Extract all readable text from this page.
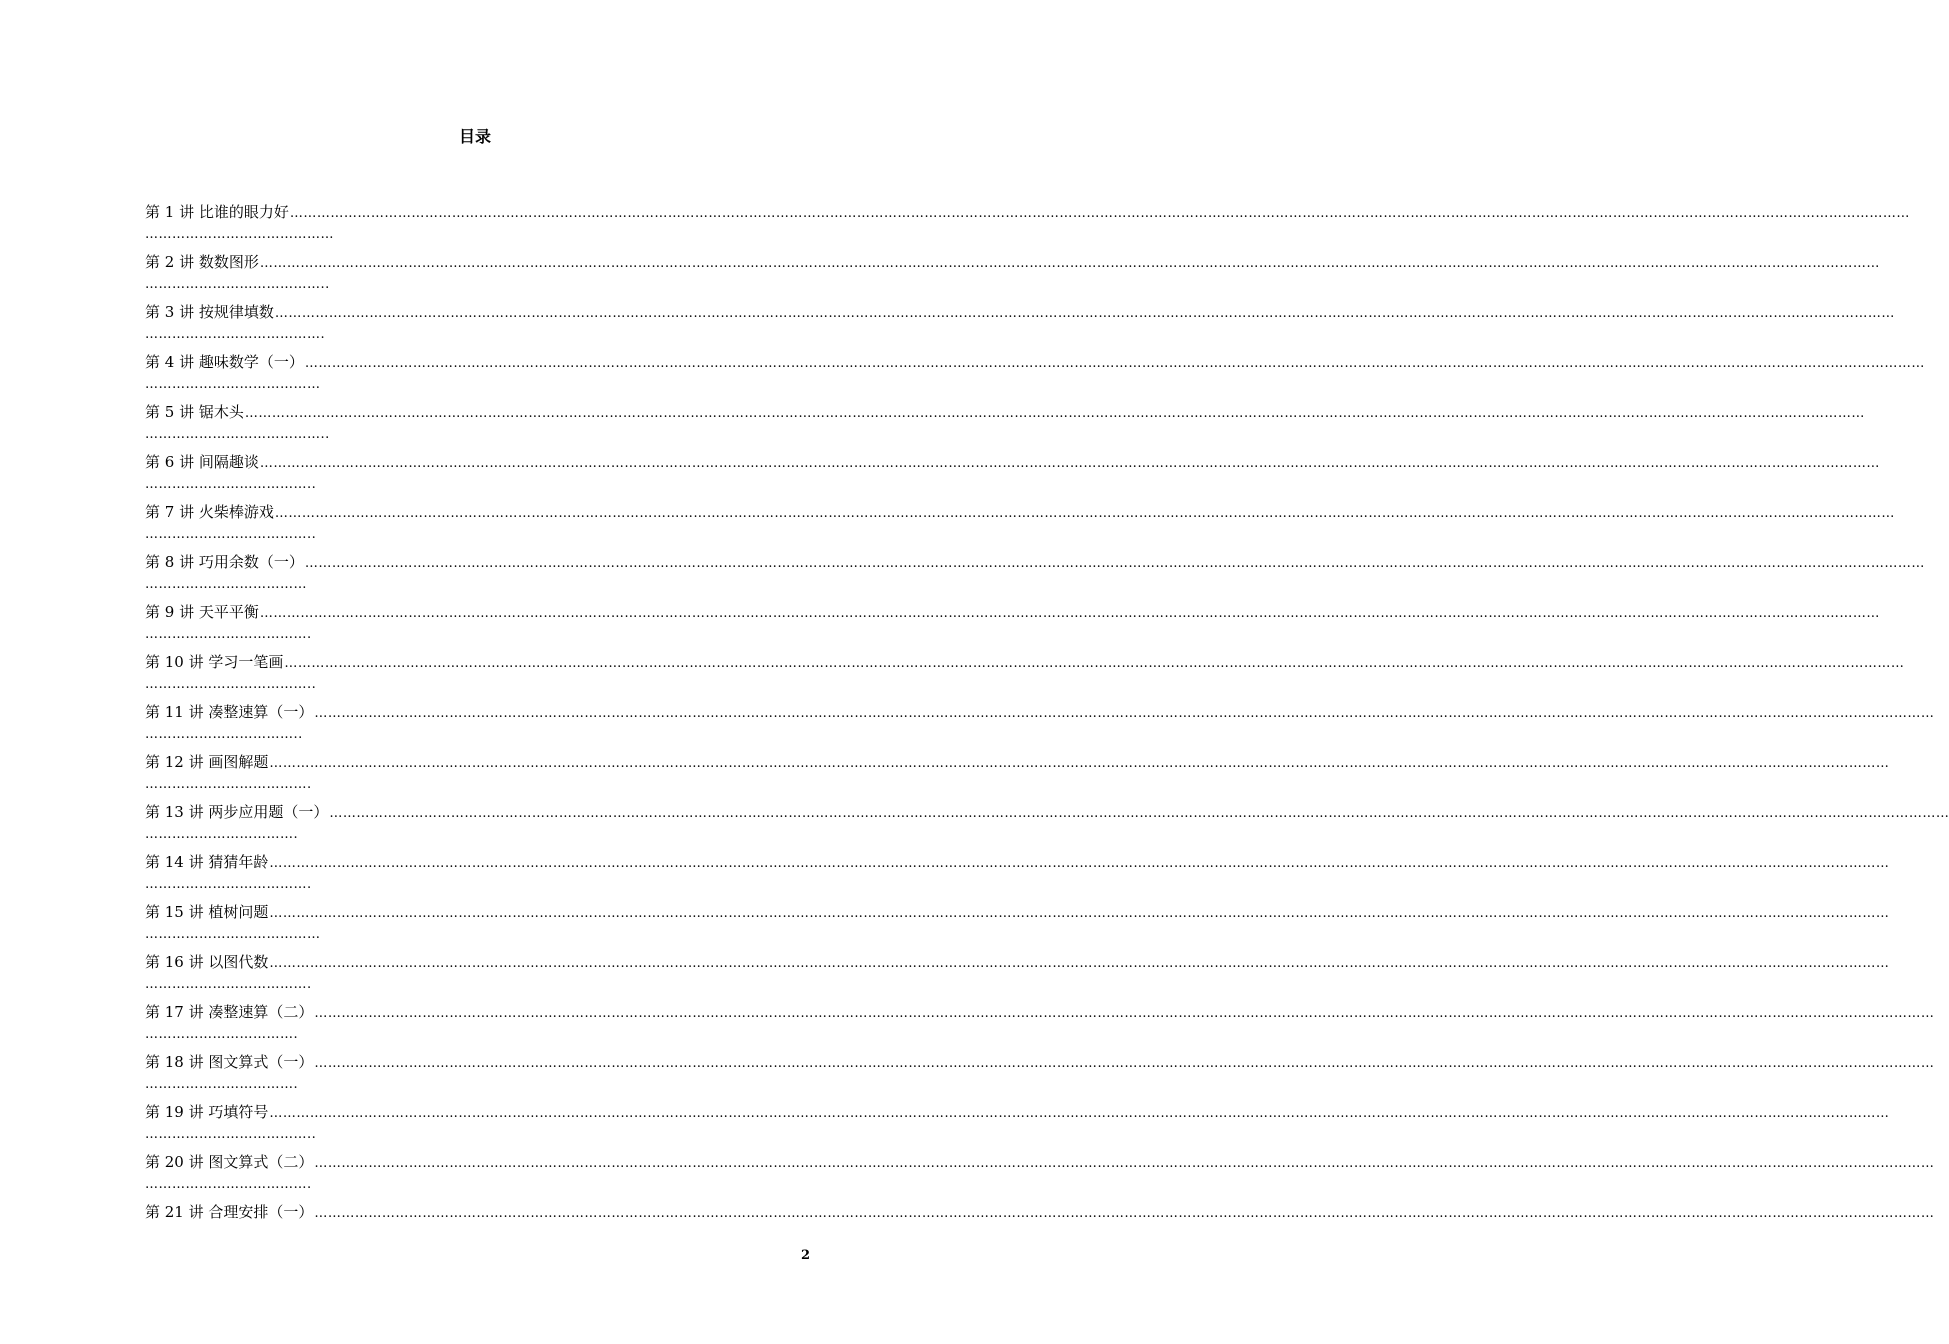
目录
第 1 讲 比谁的眼力好………………………………………………………………………………………………………………………………………………………………………………………………………………………………………………………………………………………………………………………………
……………………………………
第 2 讲 数数图形………………………………………………………………………………………………………………………………………………………………………………………………………………………………………………………………………………………………………………………………
…………………………………..
第 3 讲 按规律填数………………………………………………………………………………………………………………………………………………………………………………………………………………………………………………………………………………………………………………………………
………………………………….
第 4 讲 趣味数学（一）………………………………………………………………………………………………………………………………………………………………………………………………………………………………………………………………………………………………………………………………
…………………………………
第 5 讲 锯木头………………………………………………………………………………………………………………………………………………………………………………………………………………………………………………………………………………………………………………………………
…………………………………..
第 6 讲 间隔趣谈………………………………………………………………………………………………………………………………………………………………………………………………………………………………………………………………………………………………………………………………
………………………………..
第 7 讲 火柴棒游戏………………………………………………………………………………………………………………………………………………………………………………………………………………………………………………………………………………………………………………………………
………………………………..
第 8 讲 巧用余数（一）………………………………………………………………………………………………………………………………………………………………………………………………………………………………………………………………………………………………………………………………
………………………………
第 9 讲 天平平衡………………………………………………………………………………………………………………………………………………………………………………………………………………………………………………………………………………………………………………………………
……………………………….
第 10 讲 学习一笔画………………………………………………………………………………………………………………………………………………………………………………………………………………………………………………………………………………………………………………………………
………………………………..
第 11 讲 凑整速算（一）………………………………………………………………………………………………………………………………………………………………………………………………………………………………………………………………………………………………………………………………
……………………………..
第 12 讲 画图解题………………………………………………………………………………………………………………………………………………………………………………………………………………………………………………………………………………………………………………………………
……………………………….
第 13 讲 两步应用题（一）………………………………………………………………………………………………………………………………………………………………………………………………………………………………………………………………………………………………………………………………
…………………………….
第 14 讲 猜猜年龄………………………………………………………………………………………………………………………………………………………………………………………………………………………………………………………………………………………………………………………………
……………………………….
第 15 讲 植树问题………………………………………………………………………………………………………………………………………………………………………………………………………………………………………………………………………………………………………………………………
…………………………………
第 16 讲 以图代数………………………………………………………………………………………………………………………………………………………………………………………………………………………………………………………………………………………………………………………………
……………………………….
第 17 讲 凑整速算（二）………………………………………………………………………………………………………………………………………………………………………………………………………………………………………………………………………………………………………………………………
…………………………….
第 18 讲 图文算式（一）………………………………………………………………………………………………………………………………………………………………………………………………………………………………………………………………………………………………………………………………
…………………………….
第 19 讲 巧填符号………………………………………………………………………………………………………………………………………………………………………………………………………………………………………………………………………………………………………………………………
………………………………..
第 20 讲 图文算式（二）………………………………………………………………………………………………………………………………………………………………………………………………………………………………………………………………………………………………………………………………
……………………………….
第 21 讲 合理安排（一）………………………………………………………………………………………………………………………………………………………………………………………………………………………………………………………………………………………………………………………………
2
